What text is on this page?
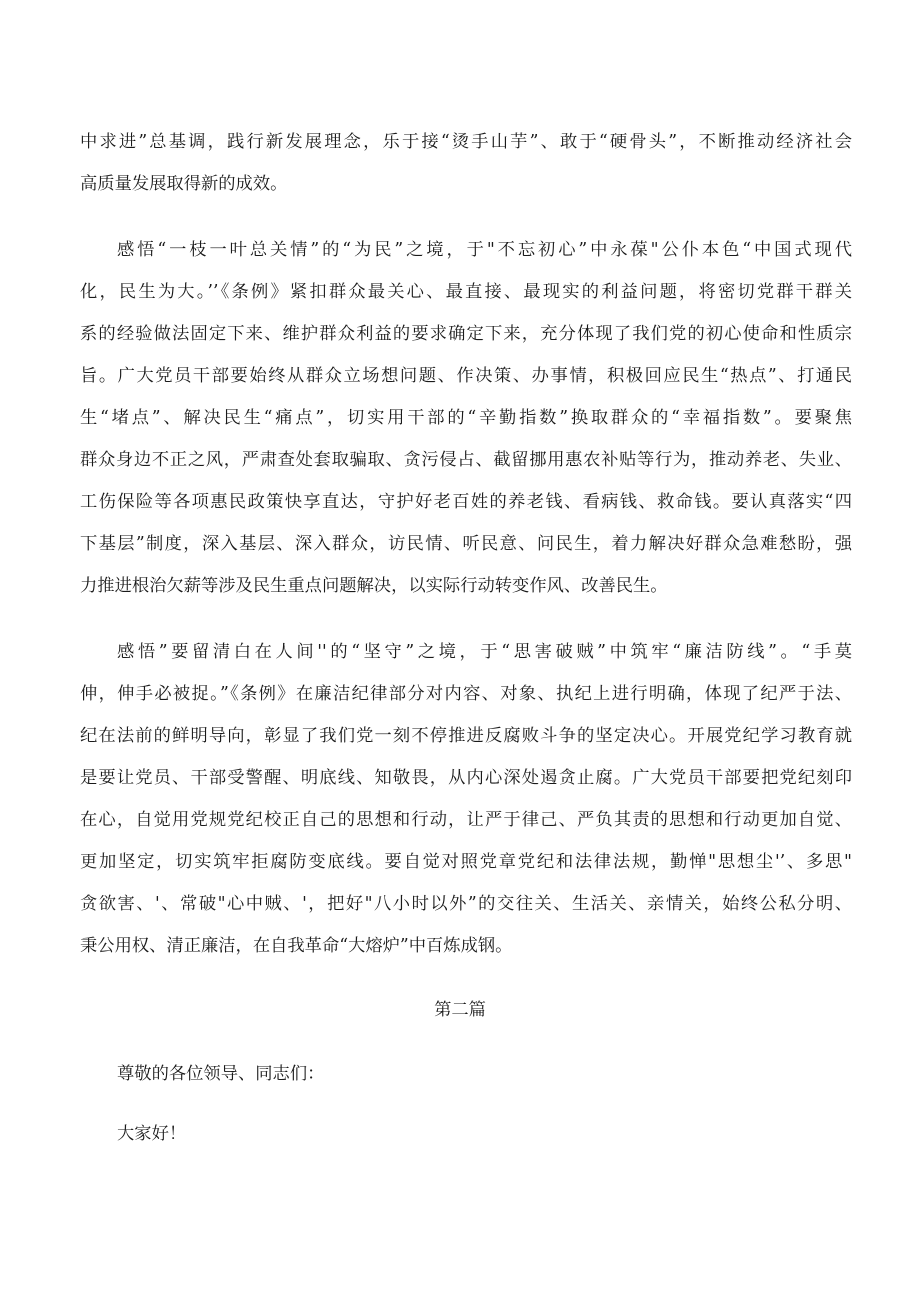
中求进”总基调，践行新发展理念，乐于接“烫手山芋”、敢于“硬骨头”，不断推动经济社会

高质量发展取得新的成效。

感悟“一枝一叶总关情”的“为民”之境，于"不忘初心”中永葆"公仆本色“中国式现代

化，民生为大。’’《条例》紧扣群众最关心、最直接、最现实的利益问题，将密切党群干群关

系的经验做法固定下来、维护群众利益的要求确定下来，充分体现了我们党的初心使命和性质宗

旨。广大党员干部要始终从群众立场想问题、作决策、办事情，积极回应民生“热点”、打通民

生“堵点”、解决民生“痛点”，切实用干部的“辛勤指数”换取群众的“幸福指数”。要聚焦

群众身边不正之风，严肃查处套取骗取、贪污侵占、截留挪用惠农补贴等行为，推动养老、失业、

工伤保险等各项惠民政策快享直达，守护好老百姓的养老钱、看病钱、救命钱。要认真落实“四

下基层”制度，深入基层、深入群众，访民情、听民意、问民生，着力解决好群众急难愁盼，强

力推进根治欠薪等涉及民生重点问题解决，以实际行动转变作风、改善民生。

感悟”要留清白在人间''的“坚守”之境，于“思害破贼”中筑牢“廉洁防线”。“手莫

伸，伸手必被捉。”《条例》在廉洁纪律部分对内容、对象、执纪上进行明确，体现了纪严于法、

纪在法前的鲜明导向，彰显了我们党一刻不停推进反腐败斗争的坚定决心。开展党纪学习教育就

是要让党员、干部受警醒、明底线、知敬畏，从内心深处遏贪止腐。广大党员干部要把党纪刻印

在心，自觉用党规党纪校正自己的思想和行动，让严于律己、严负其责的思想和行动更加自觉、

更加坚定，切实筑牢拒腐防变底线。要自觉对照党章党纪和法律法规，勤惮"思想尘'’、多思"

贪欲害、'、常破"心中贼、'，把好"八小时以外”的交往关、生活关、亲情关，始终公私分明、

秉公用权、清正廉洁，在自我革命“大熔炉”中百炼成钢。

第二篇

尊敬的各位领导、同志们：

大家好！
